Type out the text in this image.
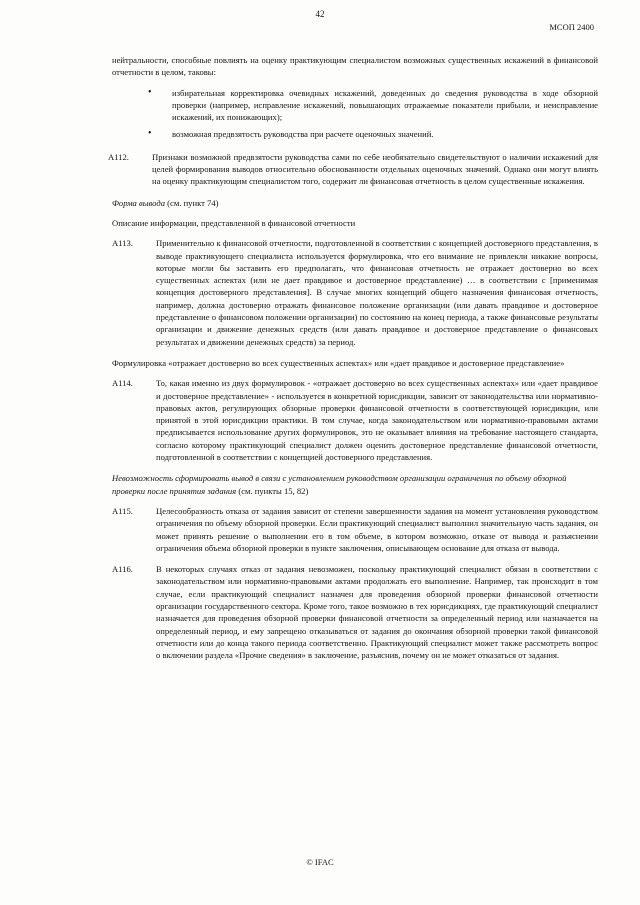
42
МСОП 2400

нейтральности, способные повлиять на оценку практикующим специалистом возможных существенных искажений в финансовой отчетности в целом, таковы:

• избирательная корректировка очевидных искажений, доведенных до сведения руководства в ходе обзорной проверки (например, исправление искажений, повышающих отражаемые показатели прибыли, и неисправление искажений, их понижающих);
• возможная предвзятость руководства при расчете оценочных значений.
A112.	Признаки возможной предвзятости руководства сами по себе необязательно свидетельствуют о наличии искажений для целей формирования выводов относительно обоснованности отдельных оценочных значений. Однако они могут влиять на оценку практикующим специалистом того, содержит ли финансовая отчетность в целом существенные искажения.
Форма вывода (см. пункт 74)
Описание информации, представленной в финансовой отчетности
A113.	Применительно к финансовой отчетности, подготовленной в соответствии с концепцией достоверного представления, в выводе практикующего специалиста используется формулировка, что его внимание не привлекли никакие вопросы, которые могли бы заставить его предполагать, что финансовая отчетность не отражает достоверно во всех существенных аспектах (или не дает правдивое и достоверное представление) … в соответствии с [применимая концепция достоверного представления]. В случае многих концепций общего назначения финансовая отчетность, например, должна достоверно отражать финансовое положение организации (или давать правдивое и достоверное представление о финансовом положении организации) по состоянию на конец периода, а также финансовые результаты организации и движение денежных средств (или давать правдивое и достоверное представление о финансовых результатах и движении денежных средств) за период.
Формулировка «отражает достоверно во всех существенных аспектах» или «дает правдивое и достоверное представление»
A114.	То, какая именно из двух формулировок - «отражает достоверно во всех существенных аспектах» или «дает правдивое и достоверное представление» - используется в конкретной юрисдикции, зависит от законодательства или нормативно-правовых актов, регулирующих обзорные проверки финансовой отчетности в соответствующей юрисдикции, или принятой в этой юрисдикции практики. В том случае, когда законодательством или нормативно-правовыми актами предписывается использование других формулировок, это не оказывает влияния на требование настоящего стандарта, согласно которому практикующий специалист должен оценить достоверное представление финансовой отчетности, подготовленной в соответствии с концепцией достоверного представления.
Невозможность сформировать вывод в связи с установлением руководством организации ограничения по объему обзорной проверки после принятия задания (см. пункты 15, 82)
A115.	Целесообразность отказа от задания зависит от степени завершенности задания на момент установления руководством ограничения по объему обзорной проверки. Если практикующий специалист выполнил значительную часть задания, он может принять решение о выполнении его в том объеме, в котором возможно, отказе от вывода и разъяснении ограничения объема обзорной проверки в пункте заключения, описывающем основание для отказа от вывода.
A116.	В некоторых случаях отказ от задания невозможен, поскольку практикующий специалист обязан в соответствии с законодательством или нормативно-правовыми актами продолжать его выполнение. Например, так происходит в том случае, если практикующий специалист назначен для проведения обзорной проверки финансовой отчетности организации государственного сектора. Кроме того, такое возможно в тех юрисдикциях, где практикующий специалист назначается для проведения обзорной проверки финансовой отчетности за определенный период или назначается на определенный период, и ему запрещено отказываться от задания до окончания обзорной проверки такой финансовой отчетности или до конца такого периода соответственно. Практикующий специалист может также рассмотреть вопрос о включении раздела «Прочие сведения» в заключение, разъяснив, почему он не может отказаться от задания.
© IFAC
